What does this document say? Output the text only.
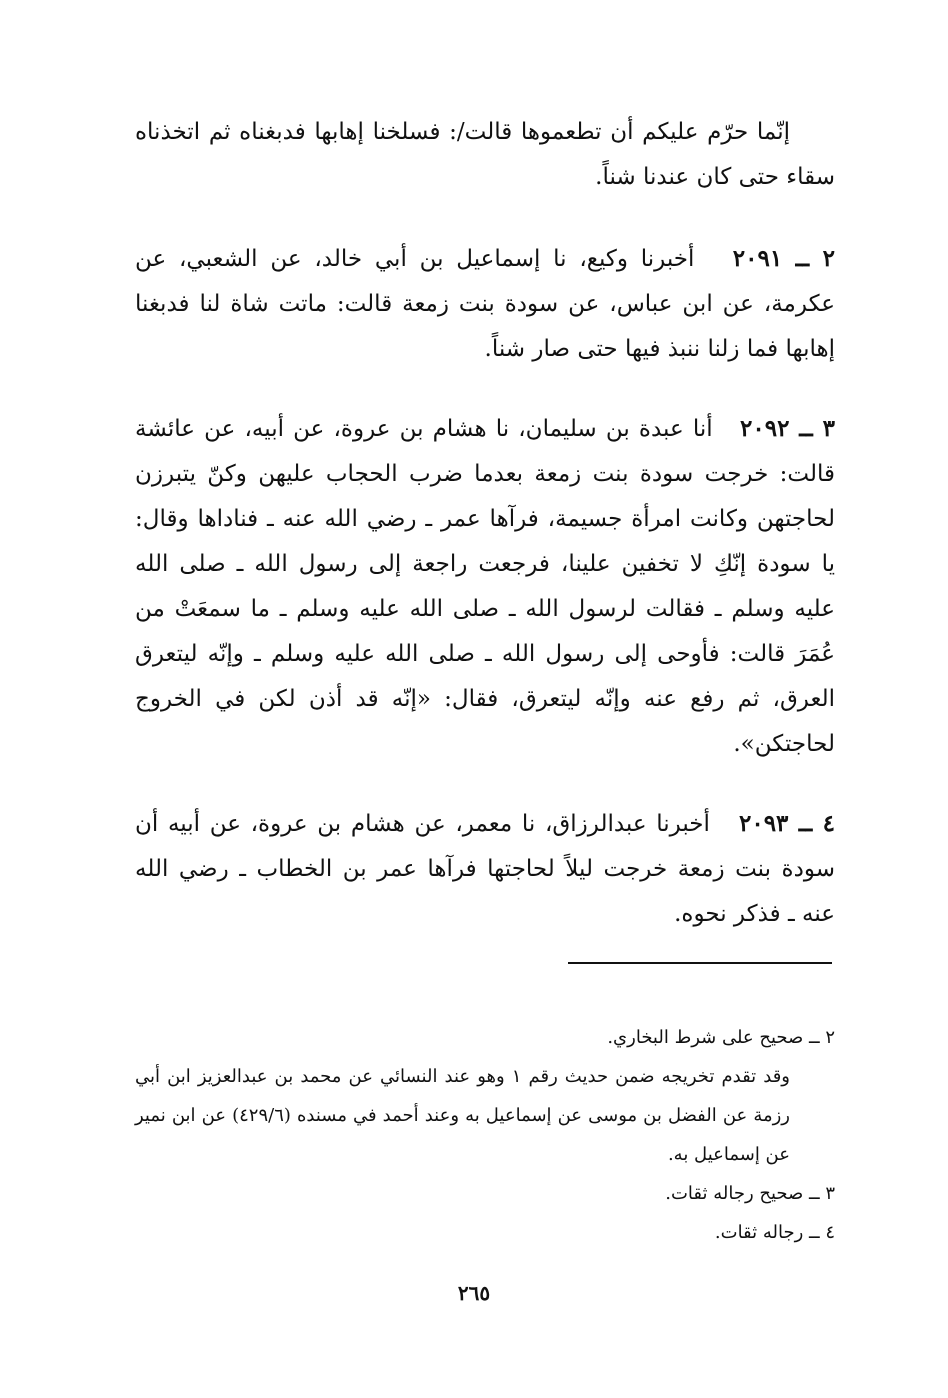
إنّما حرّم عليكم أن تطعموها قالت/: فسلخنا إهابها فدبغناه ثم اتخذناه سقاء حتى كان عندنا شناً.

٢ ــ ٢٠٩١   أخبرنا وكيع، نا إسماعيل بن أبي خالد، عن الشعبي، عن عكرمة، عن ابن عباس، عن سودة بنت زمعة قالت: ماتت شاة لنا فدبغنا إهابها فما زلنا ننبذ فيها حتى صار شناً.

٣ ــ ٢٠٩٢   أنا عبدة بن سليمان، نا هشام بن عروة، عن أبيه، عن عائشة قالت: خرجت سودة بنت زمعة بعدما ضرب الحجاب عليهن وكنّ يتبرزن لحاجتهن وكانت امرأة جسيمة، فرآها عمر ـ رضي الله عنه ـ فناداها وقال: يا سودة إنّكِ لا تخفين علينا، فرجعت راجعة إلى رسول الله ـ صلى الله عليه وسلم ـ فقالت لرسول الله ـ صلى الله عليه وسلم ـ ما سمعَتْ من عُمَرَ قالت: فأوحى إلى رسول الله ـ صلى الله عليه وسلم ـ وإنّه ليتعرق العرق، ثم رفع عنه وإنّه ليتعرق، فقال: «إنّه قد أذن لكن في الخروج لحاجتكن».

٤ ــ ٢٠٩٣   أخبرنا عبدالرزاق، نا معمر، عن هشام بن عروة، عن أبيه أن سودة بنت زمعة خرجت ليلاً لحاجتها فرآها عمر بن الخطاب ـ رضي الله عنه ـ فذكر نحوه.

٢ ــ صحيح على شرط البخاري.

وقد تقدم تخريجه ضمن حديث رقم ١ وهو عند النسائي عن محمد بن عبدالعزيز ابن أبي رزمة عن الفضل بن موسى عن إسماعيل به وعند أحمد في مسنده (٤٢٩/٦) عن ابن نمير عن إسماعيل به.

٣ ــ صحيح رجاله ثقات.

٤ ــ رجاله ثقات.

٢٦٥
